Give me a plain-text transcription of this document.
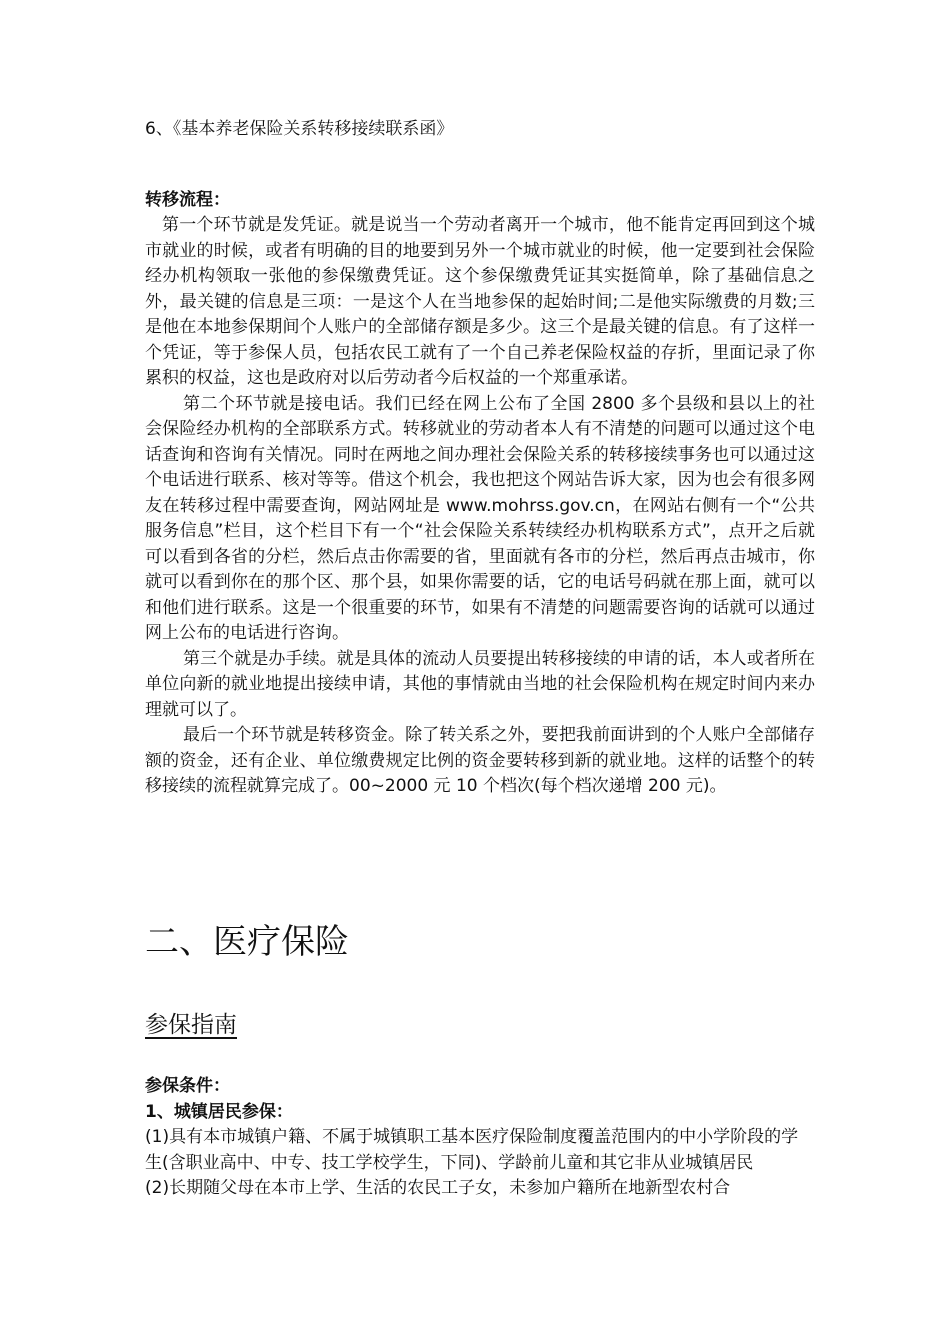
6、《基本养老保险关系转移接续联系函》
转移流程：

第一个环节就是发凭证。就是说当一个劳动者离开一个城市，他不能肯定再回到这个城市就业的时候，或者有明确的目的地要到另外一个城市就业的时候，他一定要到社会保险经办机构领取一张他的参保缴费凭证。这个参保缴费凭证其实挺简单，除了基础信息之外，最关键的信息是三项：一是这个人在当地参保的起始时间;二是他实际缴费的月数;三是他在本地参保期间个人账户的全部储存额是多少。这三个是最关键的信息。有了这样一个凭证，等于参保人员，包括农民工就有了一个自己养老保险权益的存折，里面记录了你累积的权益，这也是政府对以后劳动者今后权益的一个郑重承诺。

第二个环节就是接电话。我们已经在网上公布了全国 2800 多个县级和县以上的社会保险经办机构的全部联系方式。转移就业的劳动者本人有不清楚的问题可以通过这个电话查询和咨询有关情况。同时在两地之间办理社会保险关系的转移接续事务也可以通过这个电话进行联系、核对等等。借这个机会，我也把这个网站告诉大家，因为也会有很多网友在转移过程中需要查询，网站网址是 www.mohrss.gov.cn，在网站右侧有一个“公共服务信息”栏目，这个栏目下有一个“社会保险关系转续经办机构联系方式”，点开之后就可以看到各省的分栏，然后点击你需要的省，里面就有各市的分栏，然后再点击城市，你就可以看到你在的那个区、那个县，如果你需要的话，它的电话号码就在那上面，就可以和他们进行联系。这是一个很重要的环节，如果有不清楚的问题需要咨询的话就可以通过网上公布的电话进行咨询。

第三个就是办手续。就是具体的流动人员要提出转移接续的申请的话，本人或者所在单位向新的就业地提出接续申请，其他的事情就由当地的社会保险机构在规定时间内来办理就可以了。

最后一个环节就是转移资金。除了转关系之外，要把我前面讲到的个人账户全部储存额的资金，还有企业、单位缴费规定比例的资金要转移到新的就业地。这样的话整个的转移接续的流程就算完成了。00~2000 元 10 个档次(每个档次递增 200 元)。

二、医疗保险
参保指南

参保条件：

1、城镇居民参保：

(1)具有本市城镇户籍、不属于城镇职工基本医疗保险制度覆盖范围内的中小学阶段的学生(含职业高中、中专、技工学校学生，下同)、学龄前儿童和其它非从业城镇居民

(2)长期随父母在本市上学、生活的农民工子女，未参加户籍所在地新型农村合
